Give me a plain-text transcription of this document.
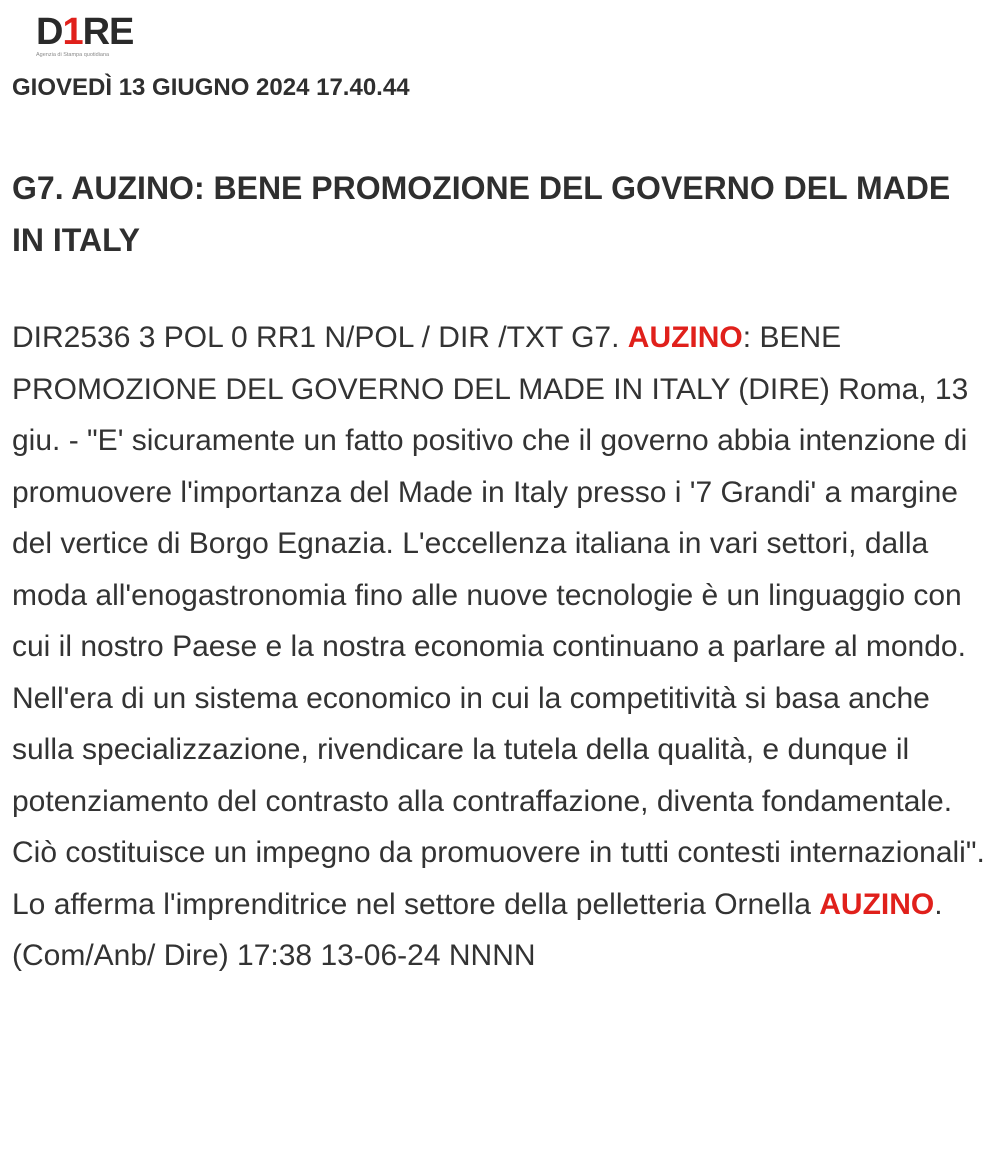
D1RE
Agenzia di Stampa quotidiana
GIOVEDÌ 13 GIUGNO 2024 17.40.44
G7. AUZINO: BENE PROMOZIONE DEL GOVERNO DEL MADE IN ITALY
DIR2536 3 POL 0 RR1 N/POL / DIR /TXT G7. AUZINO: BENE PROMOZIONE DEL GOVERNO DEL MADE IN ITALY (DIRE) Roma, 13 giu. - "E' sicuramente un fatto positivo che il governo abbia intenzione di promuovere l'importanza del Made in Italy presso i '7 Grandi' a margine del vertice di Borgo Egnazia. L'eccellenza italiana in vari settori, dalla moda all'enogastronomia fino alle nuove tecnologie è un linguaggio con cui il nostro Paese e la nostra economia continuano a parlare al mondo. Nell'era di un sistema economico in cui la competitività si basa anche sulla specializzazione, rivendicare la tutela della qualità, e dunque il potenziamento del contrasto alla contraffazione, diventa fondamentale. Ciò costituisce un impegno da promuovere in tutti contesti internazionali". Lo afferma l'imprenditrice nel settore della pelletteria Ornella AUZINO. (Com/Anb/ Dire) 17:38 13-06-24 NNNN
